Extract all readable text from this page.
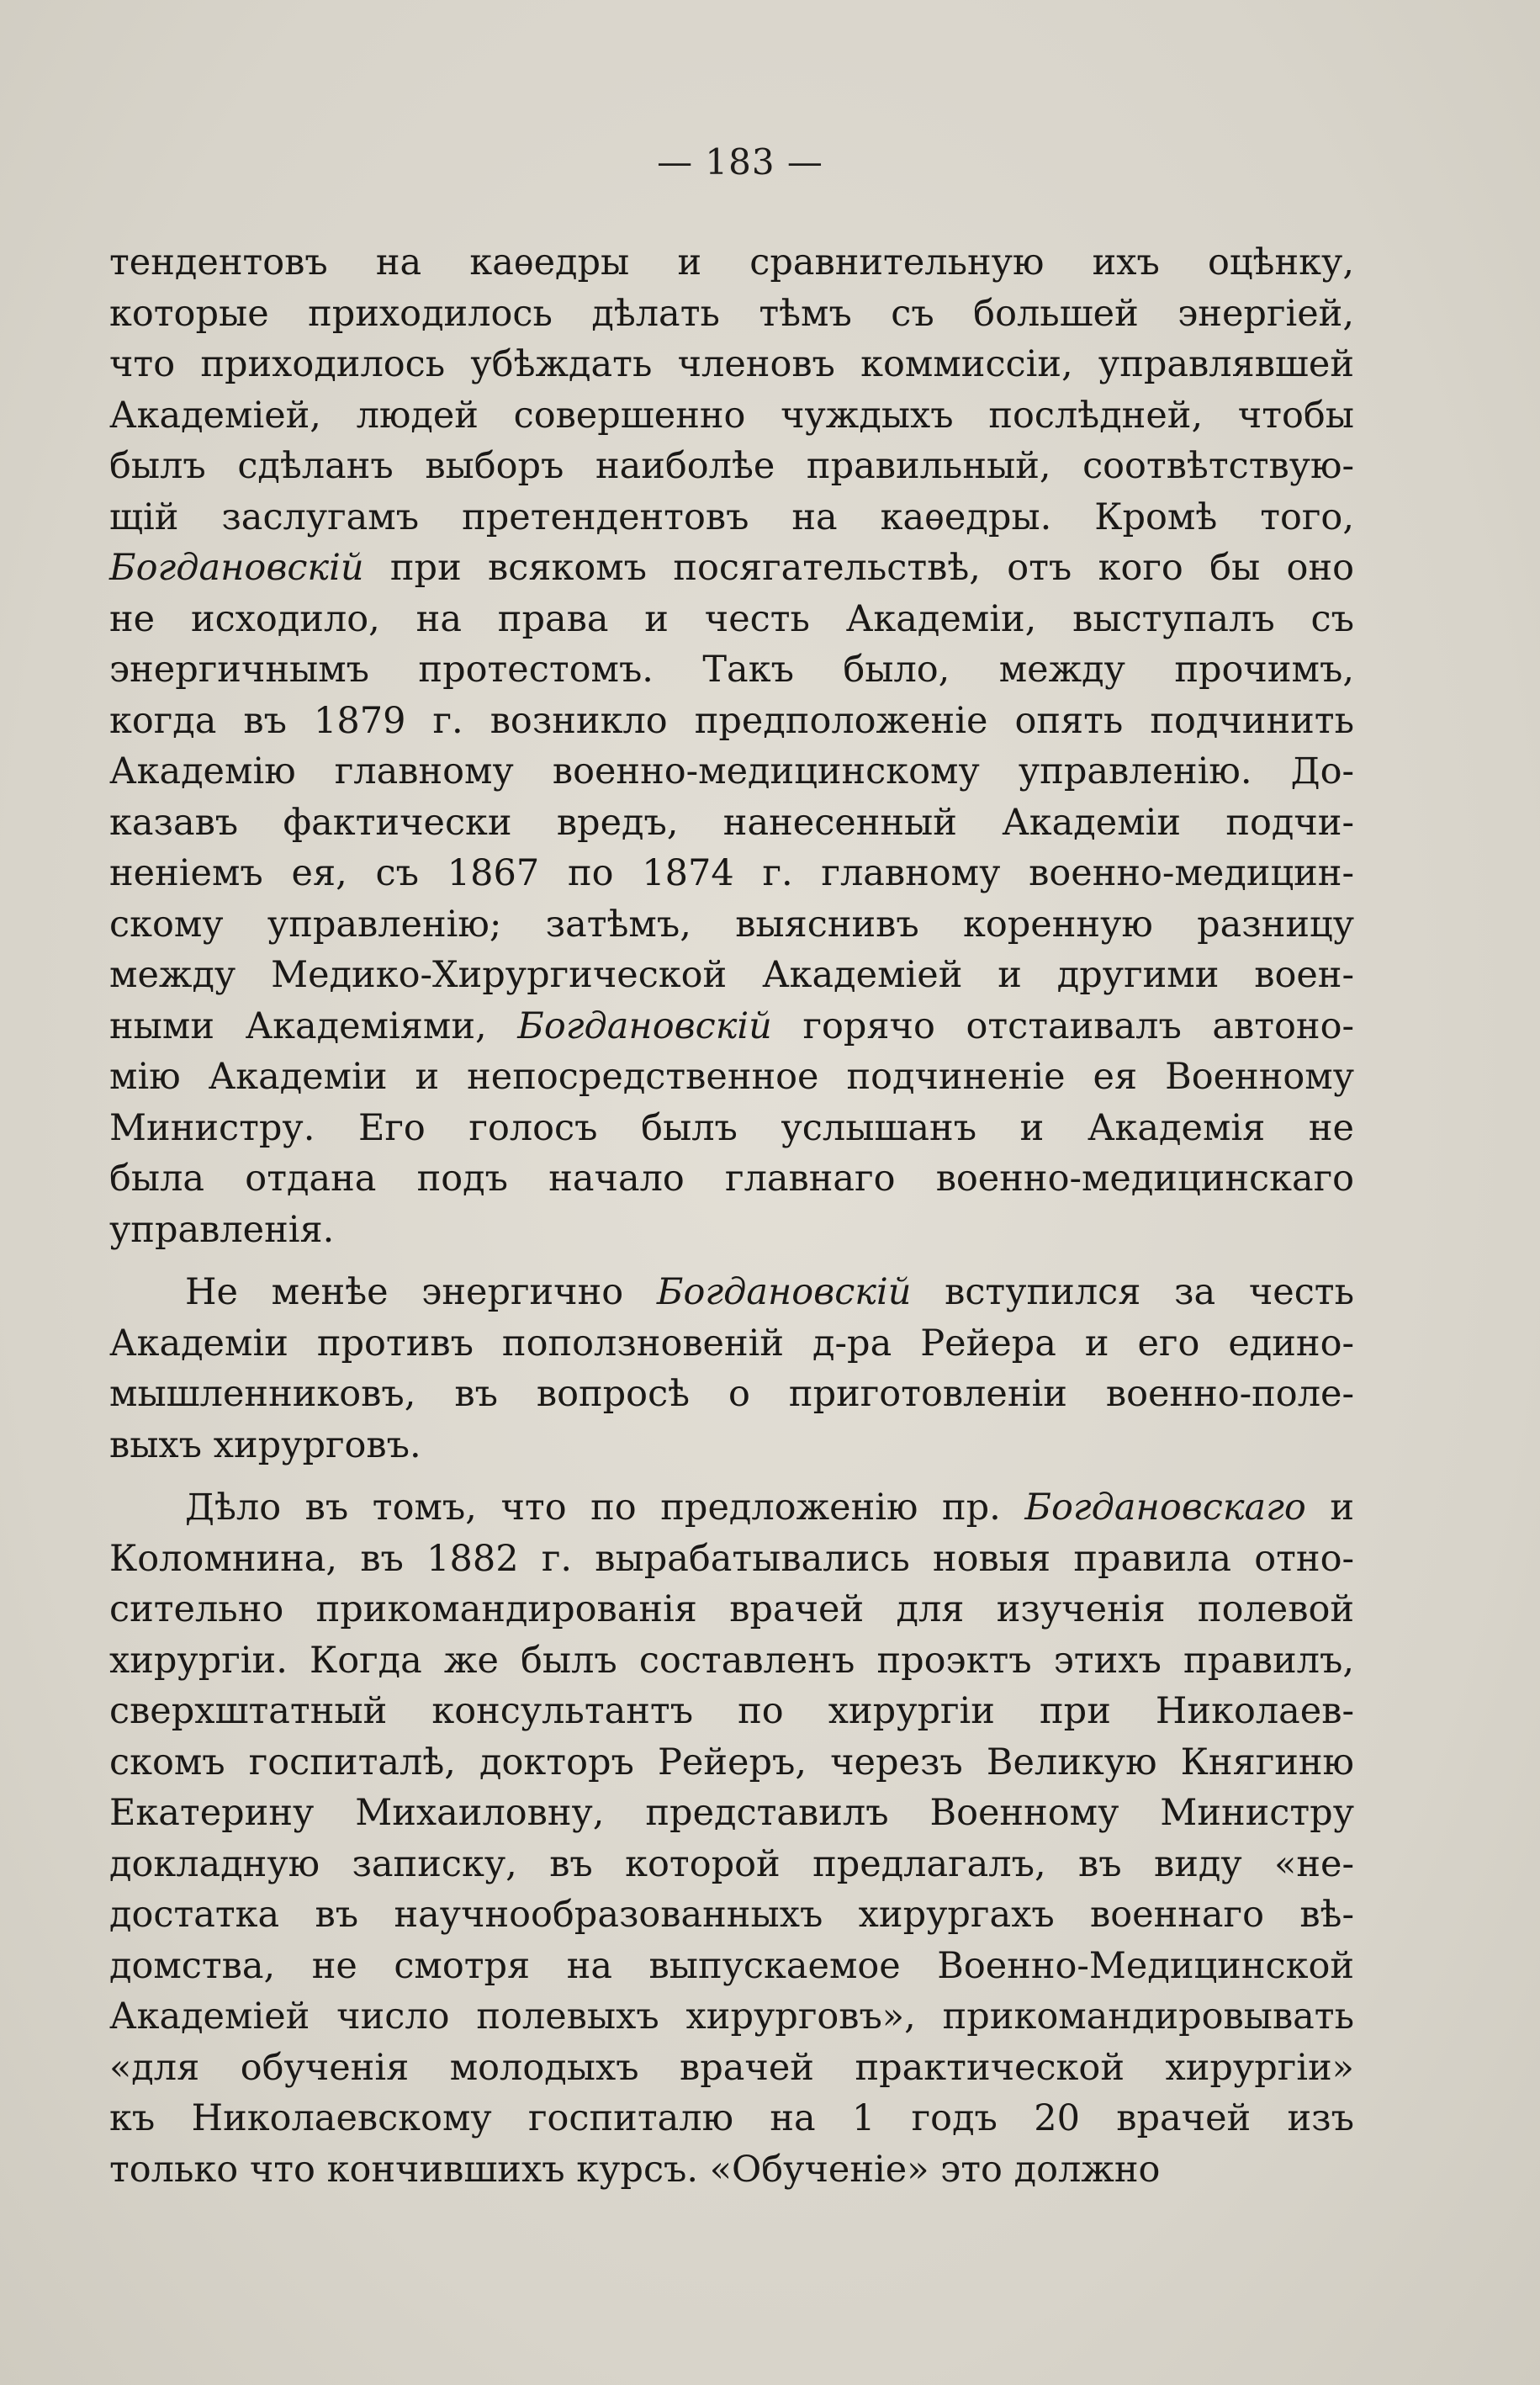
— 183 —
тендентовъ на каѳедры и сравнительную ихъ оцѣнку,
которые приходилось дѣлать тѣмъ съ большей энергіей,
что приходилось убѣждать членовъ коммиссіи, управлявшей
Академіей, людей совершенно чуждыхъ послѣдней, чтобы
былъ сдѣланъ выборъ наиболѣе правильный, соотвѣтствую-
щій заслугамъ претендентовъ на каѳедры. Кромѣ того,
Богдановскій при всякомъ посягательствѣ, отъ кого бы оно
не исходило, на права и честь Академіи, выступалъ съ
энергичнымъ протестомъ. Такъ было, между прочимъ,
когда въ 1879 г. возникло предположеніе опять подчинить
Академію главному военно-медицинскому управленію. До-
казавъ фактически вредъ, нанесенный Академіи подчи-
неніемъ ея, съ 1867 по 1874 г. главному военно-медицин-
скому управленію; затѣмъ, выяснивъ коренную разницу
между Медико-Хирургической Академіей и другими воен-
ными Академіями, Богдановскій горячо отстаивалъ автоно-
мію Академіи и непосредственное подчиненіе ея Военному
Министру. Его голосъ былъ услышанъ и Академія не
была отдана подъ начало главнаго военно-медицинскаго
управленія.
Не менѣе энергично Богдановскій вступился за честь
Академіи противъ поползновеній д-ра Рейера и его едино-
мышленниковъ, въ вопросѣ о приготовленіи военно-поле-
выхъ хирурговъ.
Дѣло въ томъ, что по предложенію пр. Богдановскаго и
Коломнина, въ 1882 г. вырабатывались новыя правила отно-
сительно прикомандированія врачей для изученія полевой
хирургіи. Когда же былъ составленъ проэктъ этихъ правилъ,
сверхштатный консультантъ по хирургіи при Николаев-
скомъ госпиталѣ, докторъ Рейеръ, черезъ Великую Княгиню
Екатерину Михаиловну, представилъ Военному Министру
докладную записку, въ которой предлагалъ, въ виду «не-
достатка въ научнообразованныхъ хирургахъ военнаго вѣ-
домства, не смотря на выпускаемое Военно-Медицинской
Академіей число полевыхъ хирурговъ», прикомандировывать
«для обученія молодыхъ врачей практической хирургіи»
къ Николаевскому госпиталю на 1 годъ 20 врачей изъ
только что кончившихъ курсъ. «Обученіе» это должно
